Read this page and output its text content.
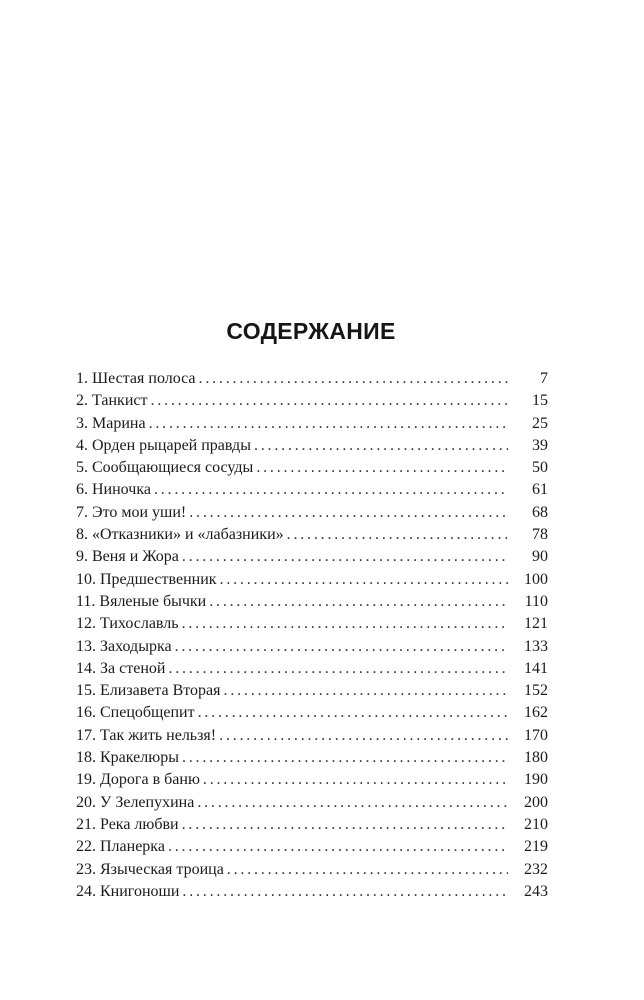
СОДЕРЖАНИЕ
1. Шестая полоса . . .	7
2. Танкист . . .	15
3. Марина . . .	25
4. Орден рыцарей правды . . .	39
5. Сообщающиеся сосуды . . .	50
6. Ниночка . . .	61
7. Это мои уши! . . .	68
8. «Отказники» и «лабазники» . . .	78
9. Веня и Жора . . .	90
10. Предшественник . . .	100
11. Вяленые бычки . . .	110
12. Тихославль . . .	121
13. Заходырка . . .	133
14. За стеной . . .	141
15. Елизавета Вторая . . .	152
16. Спецобщепит . . .	162
17. Так жить нельзя! . . .	170
18. Кракелюры . . .	180
19. Дорога в баню . . .	190
20. У Зелепухина . . .	200
21. Река любви . . .	210
22. Планерка . . .	219
23. Языческая троица . . .	232
24. Книгоноши . . .	243
